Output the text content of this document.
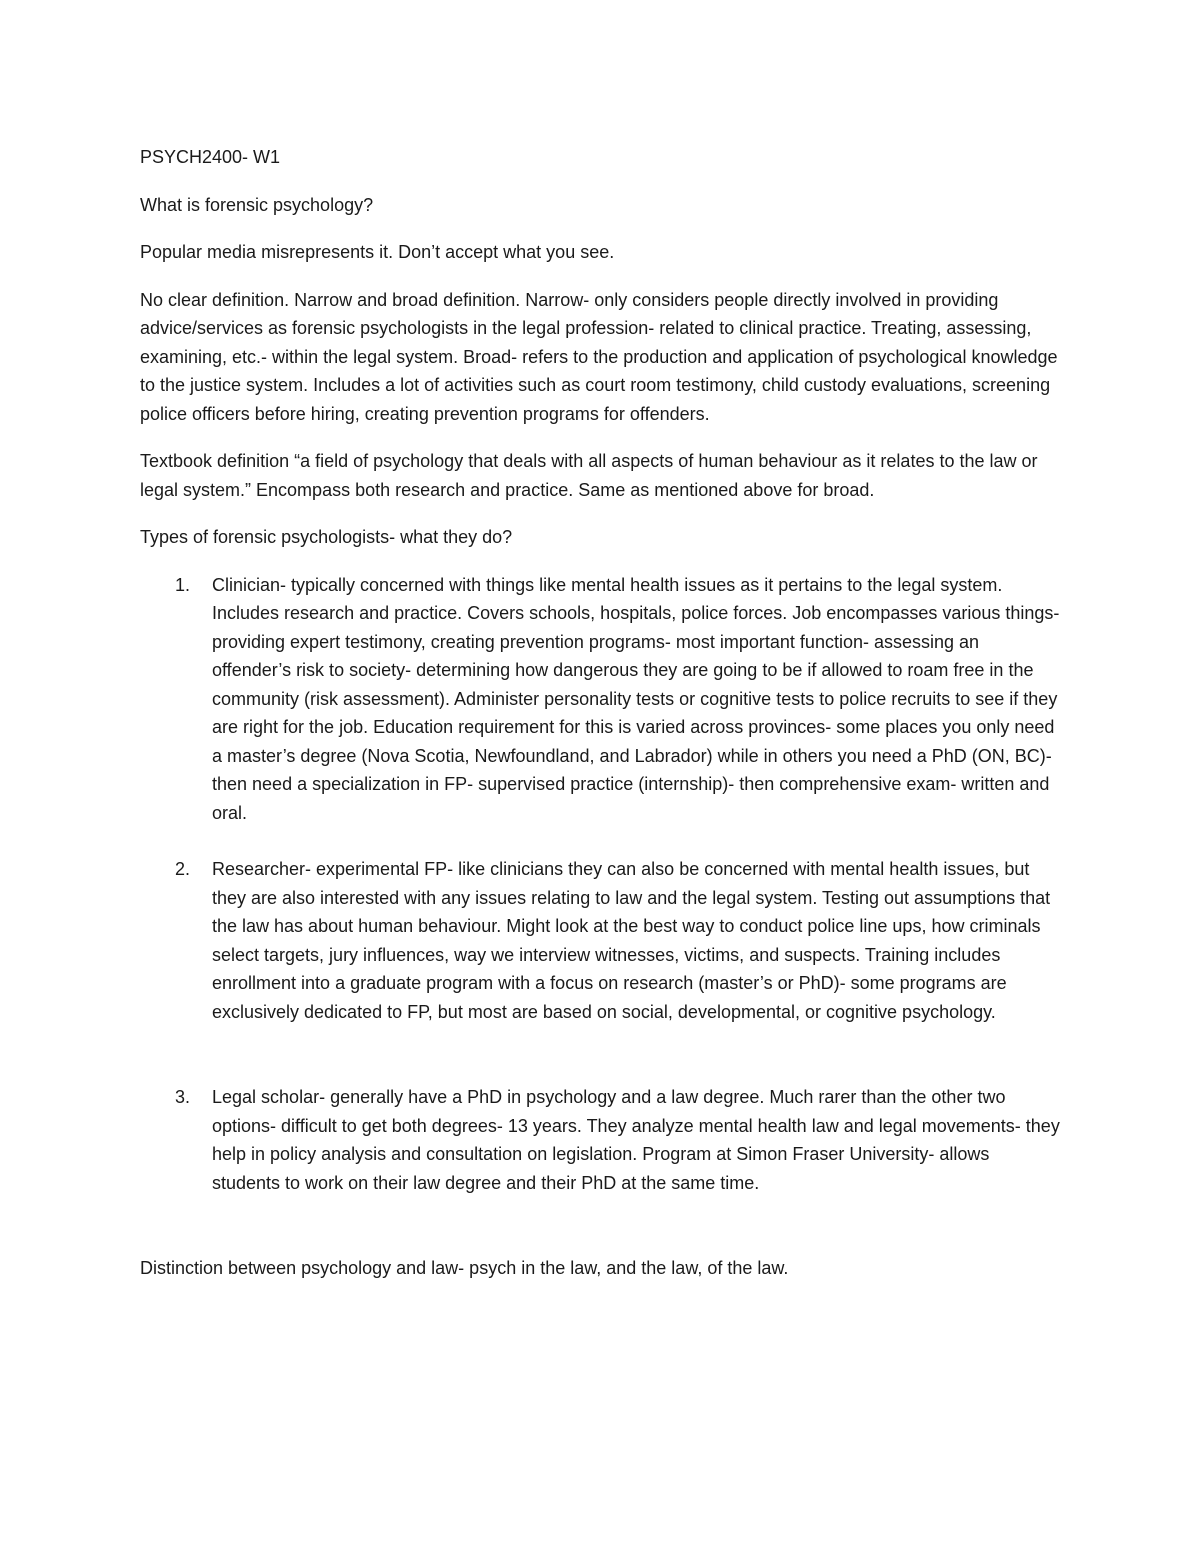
PSYCH2400- W1

What is forensic psychology?

Popular media misrepresents it. Don’t accept what you see.

No clear definition. Narrow and broad definition. Narrow- only considers people directly involved in providing advice/services as forensic psychologists in the legal profession- related to clinical practice. Treating, assessing, examining, etc.- within the legal system. Broad- refers to the production and application of psychological knowledge to the justice system. Includes a lot of activities such as court room testimony, child custody evaluations, screening police officers before hiring, creating prevention programs for offenders.

Textbook definition “a field of psychology that deals with all aspects of human behaviour as it relates to the law or legal system.” Encompass both research and practice. Same as mentioned above for broad.

Types of forensic psychologists- what they do?

1. Clinician- typically concerned with things like mental health issues as it pertains to the legal system. Includes research and practice. Covers schools, hospitals, police forces. Job encompasses various things- providing expert testimony, creating prevention programs- most important function- assessing an offender’s risk to society- determining how dangerous they are going to be if allowed to roam free in the community (risk assessment). Administer personality tests or cognitive tests to police recruits to see if they are right for the job. Education requirement for this is varied across provinces- some places you only need a master’s degree (Nova Scotia, Newfoundland, and Labrador) while in others you need a PhD (ON, BC)- then need a specialization in FP- supervised practice (internship)- then comprehensive exam- written and oral.
2. Researcher- experimental FP- like clinicians they can also be concerned with mental health issues, but they are also interested with any issues relating to law and the legal system. Testing out assumptions that the law has about human behaviour. Might look at the best way to conduct police line ups, how criminals select targets, jury influences, way we interview witnesses, victims, and suspects. Training includes enrollment into a graduate program with a focus on research (master’s or PhD)- some programs are exclusively dedicated to FP, but most are based on social, developmental, or cognitive psychology.
3. Legal scholar- generally have a PhD in psychology and a law degree. Much rarer than the other two options- difficult to get both degrees- 13 years. They analyze mental health law and legal movements- they help in policy analysis and consultation on legislation. Program at Simon Fraser University- allows students to work on their law degree and their PhD at the same time.

Distinction between psychology and law- psych in the law, and the law, of the law.
